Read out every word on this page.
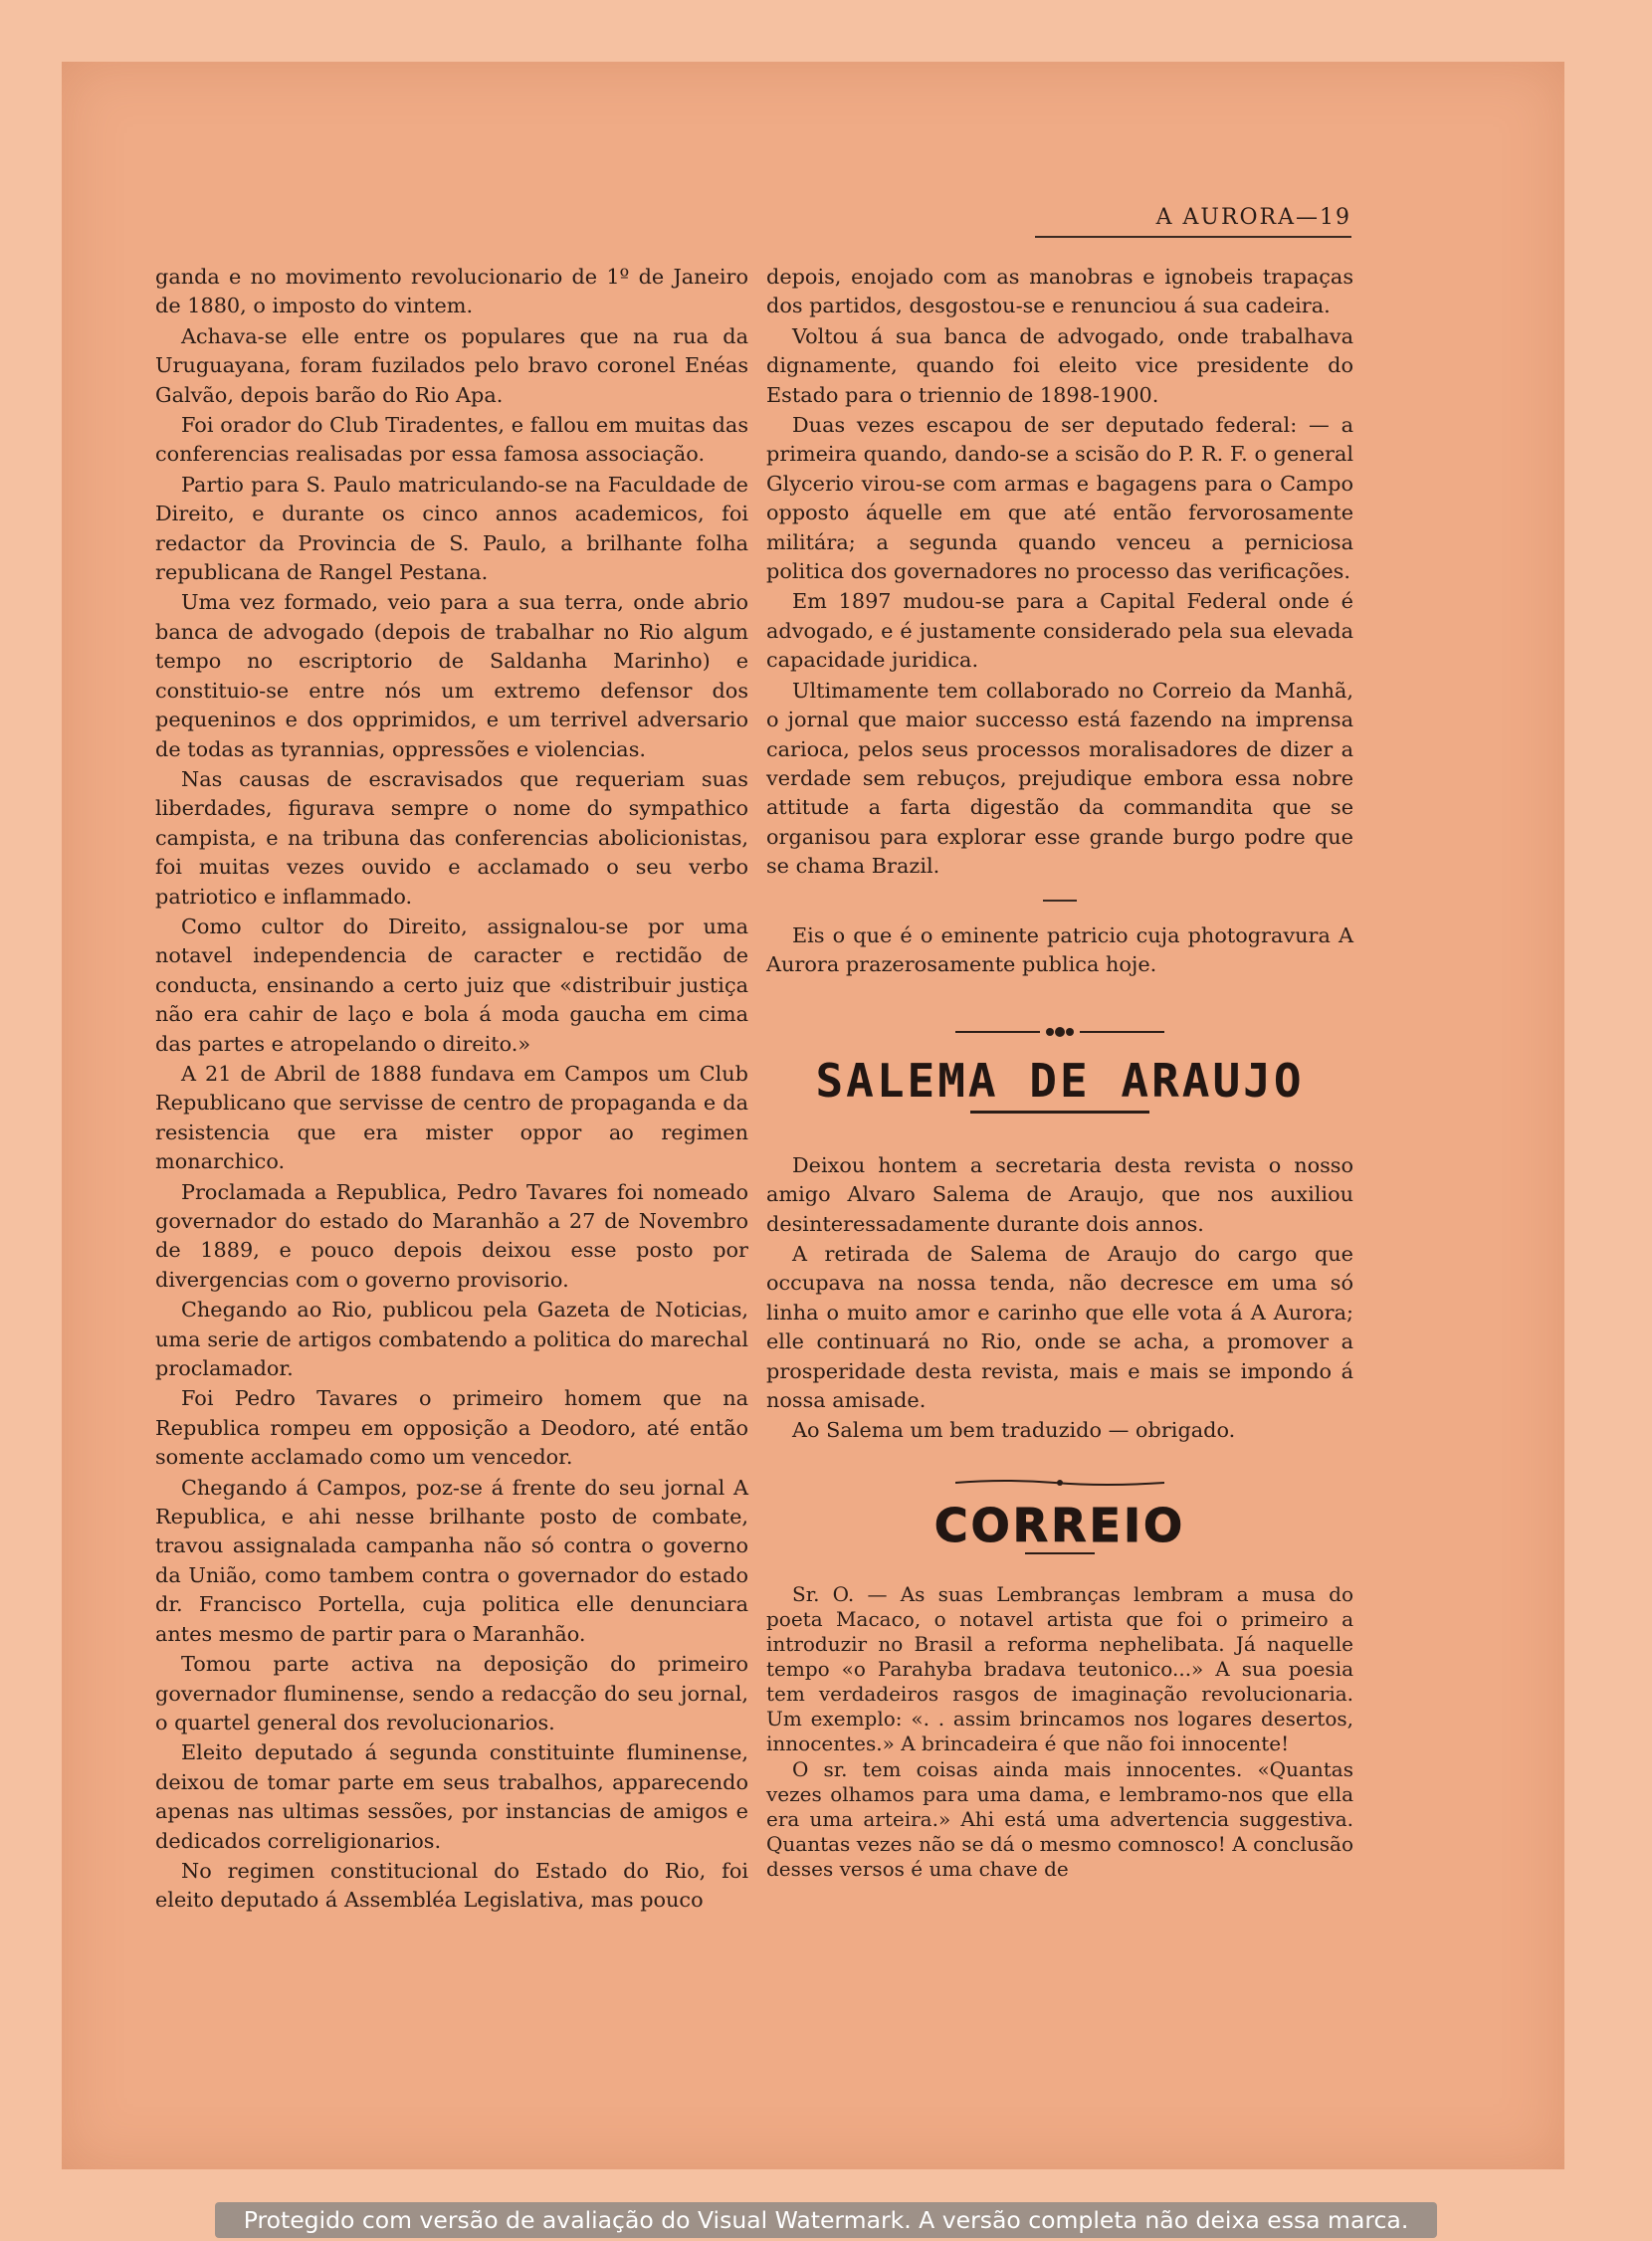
A AURORA—19

ganda e no movimento revolucionario de 1º de Janeiro de 1880, o imposto do vintem.

Achava-se elle entre os populares que na rua da Uruguayana, foram fuzilados pelo bravo coronel Enéas Galvão, depois barão do Rio Apa.

Foi orador do Club Tiradentes, e fallou em muitas das conferencias realisadas por essa famosa associação.

Partio para S. Paulo matriculando-se na Faculdade de Direito, e durante os cinco annos academicos, foi redactor da Provincia de S. Paulo, a brilhante folha republicana de Rangel Pestana.

Uma vez formado, veio para a sua terra, onde abrio banca de advogado (depois de trabalhar no Rio algum tempo no escriptorio de Saldanha Marinho) e constituio-se entre nós um extremo defensor dos pequeninos e dos opprimidos, e um terrivel adversario de todas as tyrannias, oppressões e violencias.

Nas causas de escravisados que requeriam suas liberdades, figurava sempre o nome do sympathico campista, e na tribuna das conferencias abolicionistas, foi muitas vezes ouvido e acclamado o seu verbo patriotico e inflammado.

Como cultor do Direito, assignalou-se por uma notavel independencia de caracter e rectidão de conducta, ensinando a certo juiz que «distribuir justiça não era cahir de laço e bola á moda gaucha em cima das partes e atropelando o direito.»

A 21 de Abril de 1888 fundava em Campos um Club Republicano que servisse de centro de propaganda e da resistencia que era mister oppor ao regimen monarchico.

Proclamada a Republica, Pedro Tavares foi nomeado governador do estado do Maranhão a 27 de Novembro de 1889, e pouco depois deixou esse posto por divergencias com o governo provisorio.

Chegando ao Rio, publicou pela Gazeta de Noticias, uma serie de artigos combatendo a politica do marechal proclamador.

Foi Pedro Tavares o primeiro homem que na Republica rompeu em opposição a Deodoro, até então somente acclamado como um vencedor.

Chegando á Campos, poz-se á frente do seu jornal A Republica, e ahi nesse brilhante posto de combate, travou assignalada campanha não só contra o governo da União, como tambem contra o governador do estado dr. Francisco Portella, cuja politica elle denunciara antes mesmo de partir para o Maranhão.

Tomou parte activa na deposição do primeiro governador fluminense, sendo a redacção do seu jornal, o quartel general dos revolucionarios.

Eleito deputado á segunda constituinte fluminense, deixou de tomar parte em seus trabalhos, apparecendo apenas nas ultimas sessões, por instancias de amigos e dedicados correligionarios.

No regimen constitucional do Estado do Rio, foi eleito deputado á Assembléa Legislativa, mas pouco

depois, enojado com as manobras e ignobeis trapaças dos partidos, desgostou-se e renunciou á sua cadeira.

Voltou á sua banca de advogado, onde trabalhava dignamente, quando foi eleito vice presidente do Estado para o triennio de 1898-1900.

Duas vezes escapou de ser deputado federal: — a primeira quando, dando-se a scisão do P. R. F. o general Glycerio virou-se com armas e bagagens para o Campo opposto áquelle em que até então fervorosamente militára; a segunda quando venceu a perniciosa politica dos governadores no processo das verificações.

Em 1897 mudou-se para a Capital Federal onde é advogado, e é justamente considerado pela sua elevada capacidade juridica.

Ultimamente tem collaborado no Correio da Manhã, o jornal que maior successo está fazendo na imprensa carioca, pelos seus processos moralisadores de dizer a verdade sem rebuços, prejudique embora essa nobre attitude a farta digestão da commandita que se organisou para explorar esse grande burgo podre que se chama Brazil.

Eis o que é o eminente patricio cuja photogravura A Aurora prazerosamente publica hoje.

SALEMA DE ARAUJO

Deixou hontem a secretaria desta revista o nosso amigo Alvaro Salema de Araujo, que nos auxiliou desinteressadamente durante dois annos.

A retirada de Salema de Araujo do cargo que occupava na nossa tenda, não decresce em uma só linha o muito amor e carinho que elle vota á A Aurora; elle continuará no Rio, onde se acha, a promover a prosperidade desta revista, mais e mais se impondo á nossa amisade.

Ao Salema um bem traduzido — obrigado.

CORREIO

Sr. O. — As suas Lembranças lembram a musa do poeta Macaco, o notavel artista que foi o primeiro a introduzir no Brasil a reforma nephelibata. Já naquelle tempo «o Parahyba bradava teutonico...» A sua poesia tem verdadeiros rasgos de imaginação revolucionaria. Um exemplo: «. . assim brincamos nos logares desertos, innocentes.» A brincadeira é que não foi innocente!

O sr. tem coisas ainda mais innocentes. «Quantas vezes olhamos para uma dama, e lembramo-nos que ella era uma arteira.» Ahi está uma advertencia suggestiva. Quantas vezes não se dá o mesmo comnosco! A conclusão desses versos é uma chave de

Protegido com versão de avaliação do Visual Watermark. A versão completa não deixa essa marca.
